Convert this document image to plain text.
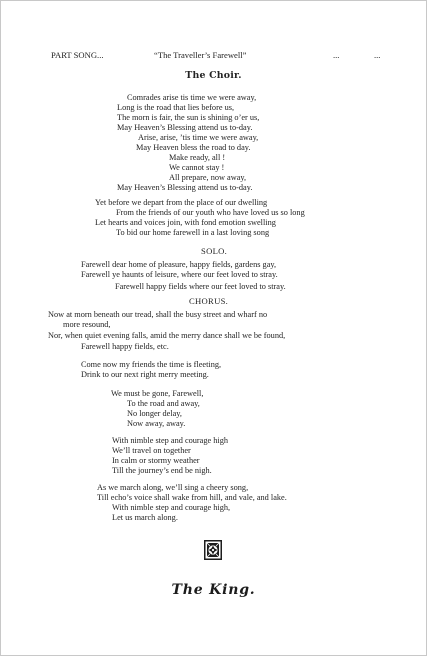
PART SONG...	“The Traveller’s Farewell”	...	...
The Choir.
Comrades arise tis time we were away,
Long is the road that lies before us,
The morn is fair, the sun is shining o’er us,
May Heaven’s Blessing attend us to-day.
Arise, arise, ’tis time we were away,
May Heaven bless the road to day.
Make ready, all !
We cannot stay !
All prepare, now away,
May Heaven’s Blessing attend us to-day.
Yet before we depart from the place of our dwelling
From the friends of our youth who have loved us so long
Let hearts and voices join, with fond emotion swelling
To bid our home farewell in a last loving song
SOLO.
Farewell dear home of pleasure, happy fields, gardens gay,
Farewell ye haunts of leisure, where our feet loved to stray.
Farewell happy fields where our feet loved to stray.
CHORUS.
Now at morn beneath our tread, shall the busy street and wharf no
more resound,
Nor, when quiet evening falls, amid the merry dance shall we be found,
Farewell happy fields, etc.
Come now my friends the time is fleeting,
Drink to our next right merry meeting.
We must be gone, Farewell,
To the road and away,
No longer delay,
Now away, away.
With nimble step and courage high
We’ll travel on together
In calm or stormy weather
Till the journey’s end be nigh.
As we march along, we’ll sing a cheery song,
Till echo’s voice shall wake from hill, and vale, and lake.
With nimble step and courage high,
Let us march along.
The King.
